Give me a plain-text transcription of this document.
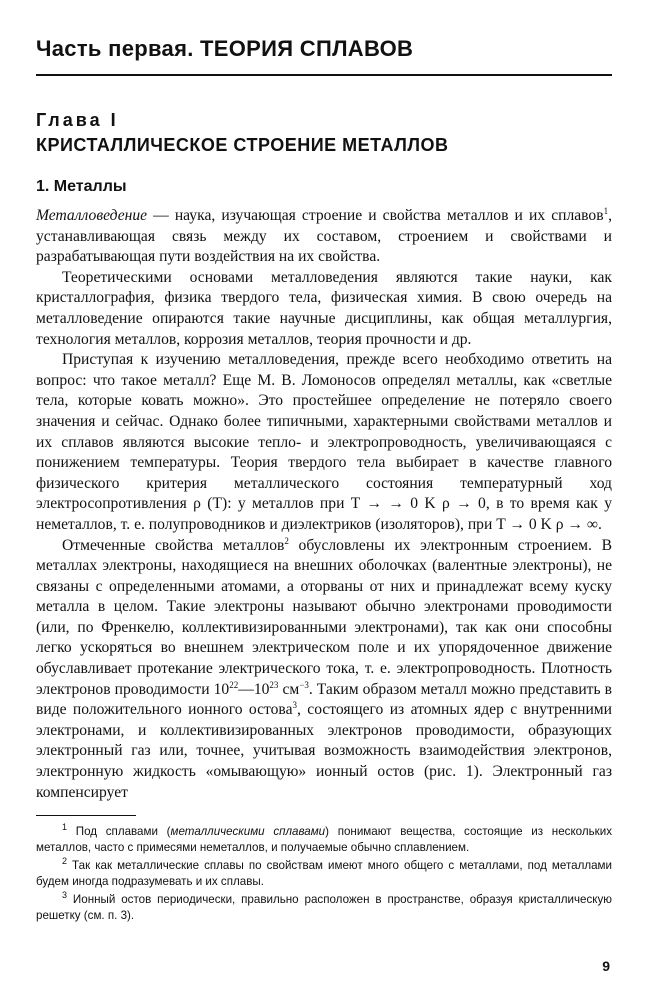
Часть первая. ТЕОРИЯ СПЛАВОВ
Глава I
КРИСТАЛЛИЧЕСКОЕ СТРОЕНИЕ МЕТАЛЛОВ
1. Металлы

Металловедение — наука, изучающая строение и свойства металлов и их сплавов$^1$, устанавливающая связь между их составом, строением и свойствами и разрабатывающая пути воздействия на их свойства.

Теоретическими основами металловедения являются такие науки, как кристаллография, физика твердого тела, физическая химия. В свою очередь на металловедение опираются такие научные дисциплины, как общая металлургия, технология металлов, коррозия металлов, теория прочности и др.

Приступая к изучению металловедения, прежде всего необходимо ответить на вопрос: что такое металл? Еще М. В. Ломоносов определял металлы, как «светлые тела, которые ковать можно». Это простейшее определение не потеряло своего значения и сейчас. Однако более типичными, характерными свойствами металлов и их сплавов являются высокие тепло- и электропроводность, увеличивающаяся с понижением температуры. Теория твердого тела выбирает в качестве главного физического критерия металлического состояния температурный ход электросопротивления ρ (T): у металлов при T → → 0 K ρ → 0, в то время как у неметаллов, т. е. полупроводников и диэлектриков (изоляторов), при T → 0 K ρ → ∞.

Отмеченные свойства металлов$^2$ обусловлены их электронным строением. В металлах электроны, находящиеся на внешних оболочках (валентные электроны), не связаны с определенными атомами, а оторваны от них и принадлежат всему куску металла в целом. Такие электроны называют обычно электронами проводимости (или, по Френкелю, коллективизированными электронами), так как они способны легко ускоряться во внешнем электрическом поле и их упорядоченное движение обуславливает протекание электрического тока, т. е. электропроводность. Плотность электронов проводимости $10^{22}—10^{23}$ $см^{-3}$. Таким образом металл можно представить в виде положительного ионного остова$^3$, состоящего из атомных ядер с внутренними электронами, и коллективизированных электронов проводимости, образующих электронный газ или, точнее, учитывая возможность взаимодействия электронов, электронную жидкость «омывающую» ионный остов (рис. 1). Электронный газ компенсирует

$^1$ Под сплавами (металлическими сплавами) понимают вещества, состоящие из нескольких металлов, часто с примесями неметаллов, и получаемые обычно сплавлением.

$^2$ Так как металлические сплавы по свойствам имеют много общего с металлами, под металлами будем иногда подразумевать и их сплавы.

$^3$ Ионный остов периодически, правильно расположен в пространстве, образуя кристаллическую решетку (см. п. 3).

9
